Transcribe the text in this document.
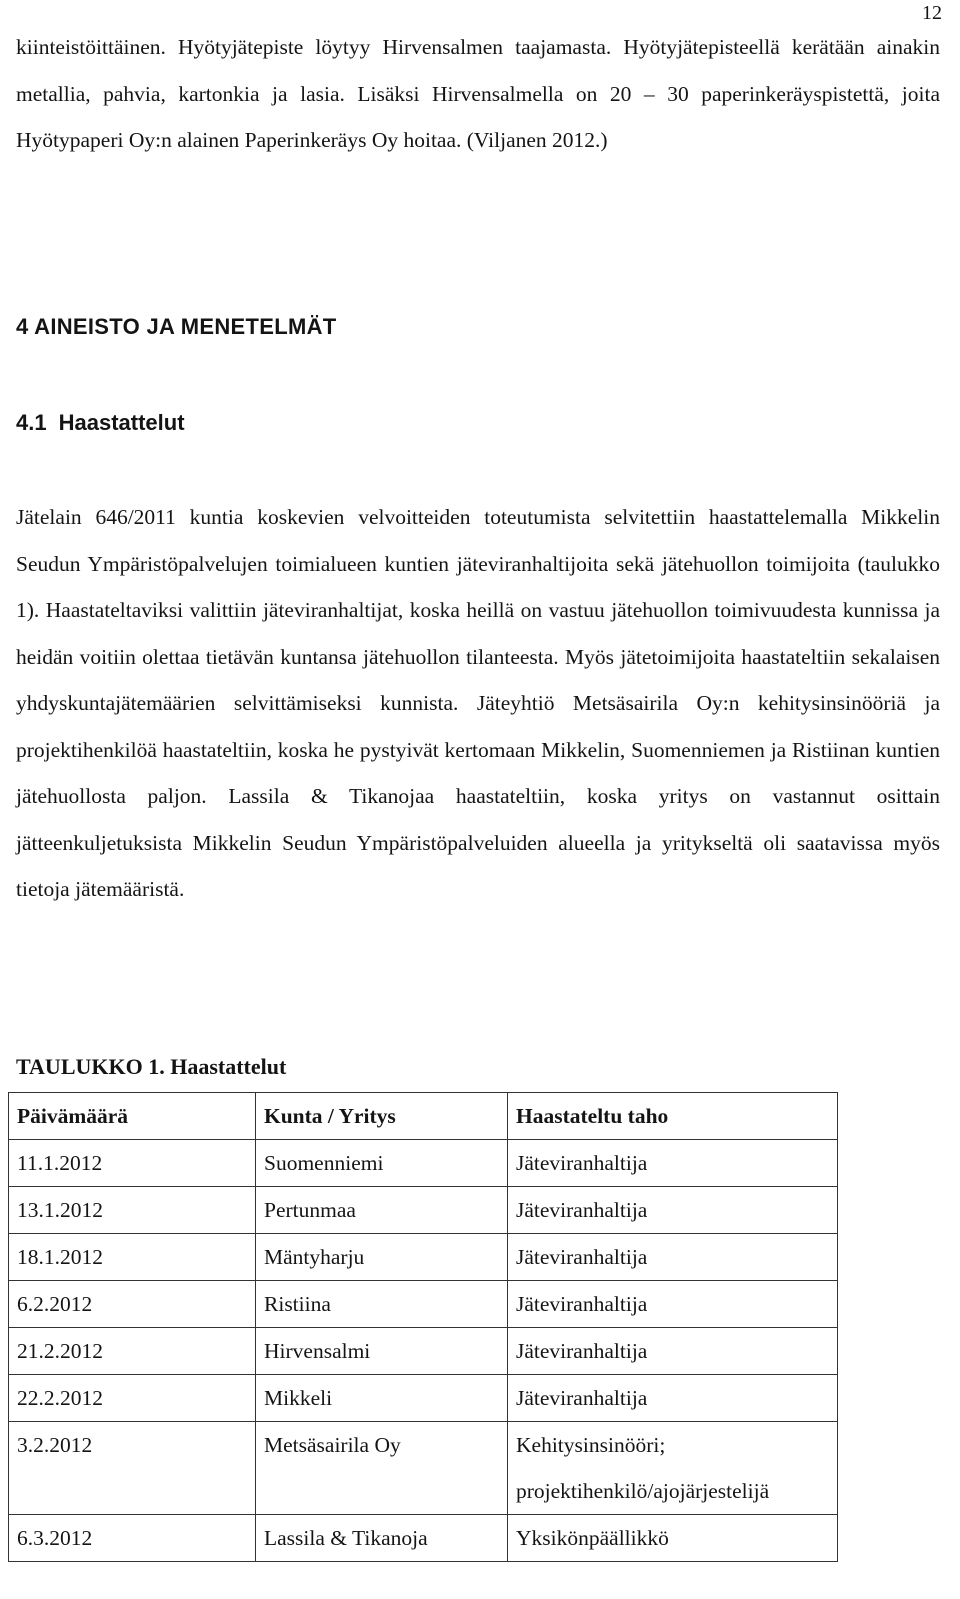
12

kiinteistöittäinen. Hyötyjätepiste löytyy Hirvensalmen taajamasta. Hyötyjätepisteellä kerätään ainakin metallia, pahvia, kartonkia ja lasia. Lisäksi Hirvensalmella on 20 – 30 paperinkeräyspistettä, joita Hyötypaperi Oy:n alainen Paperinkeräys Oy hoitaa. (Viljanen 2012.)

4 AINEISTO JA MENETELMÄT
4.1 Haastattelut

Jätelain 646/2011 kuntia koskevien velvoitteiden toteutumista selvitettiin haastattelemalla Mikkelin Seudun Ympäristöpalvelujen toimialueen kuntien jäteviranhaltijoita sekä jätehuollon toimijoita (taulukko 1). Haastateltaviksi valittiin jäteviranhaltijat, koska heillä on vastuu jätehuollon toimivuudesta kunnissa ja heidän voitiin olettaa tietävän kuntansa jätehuollon tilanteesta. Myös jätetoimijoita haastateltiin sekalaisen yhdyskuntajätemäärien selvittämiseksi kunnista. Jäteyhtiö Metsäsairila Oy:n kehitysinsinööriä ja projektihenkilöä haastateltiin, koska he pystyivät kertomaan Mikkelin, Suomenniemen ja Ristiinan kuntien jätehuollosta paljon. Lassila & Tikanojaa haastateltiin, koska yritys on vastannut osittain jätteenkuljetuksista Mikkelin Seudun Ympäristöpalveluiden alueella ja yritykseltä oli saatavissa myös tietoja jätemääristä.

TAULUKKO 1. Haastattelut
Päivämäärä	Kunta / Yritys	Haastateltu taho
11.1.2012	Suomenniemi	Jäteviranhaltija
13.1.2012	Pertunmaa	Jäteviranhaltija
18.1.2012	Mäntyharju	Jäteviranhaltija
6.2.2012	Ristiina	Jäteviranhaltija
21.2.2012	Hirvensalmi	Jäteviranhaltija
22.2.2012	Mikkeli	Jäteviranhaltija
3.2.2012	Metsäsairila Oy	Kehitysinsinööri;
projektihenkilö/ajojärjestelijä

6.3.2012	Lassila & Tikanoja	Yksikönpäällikkö
